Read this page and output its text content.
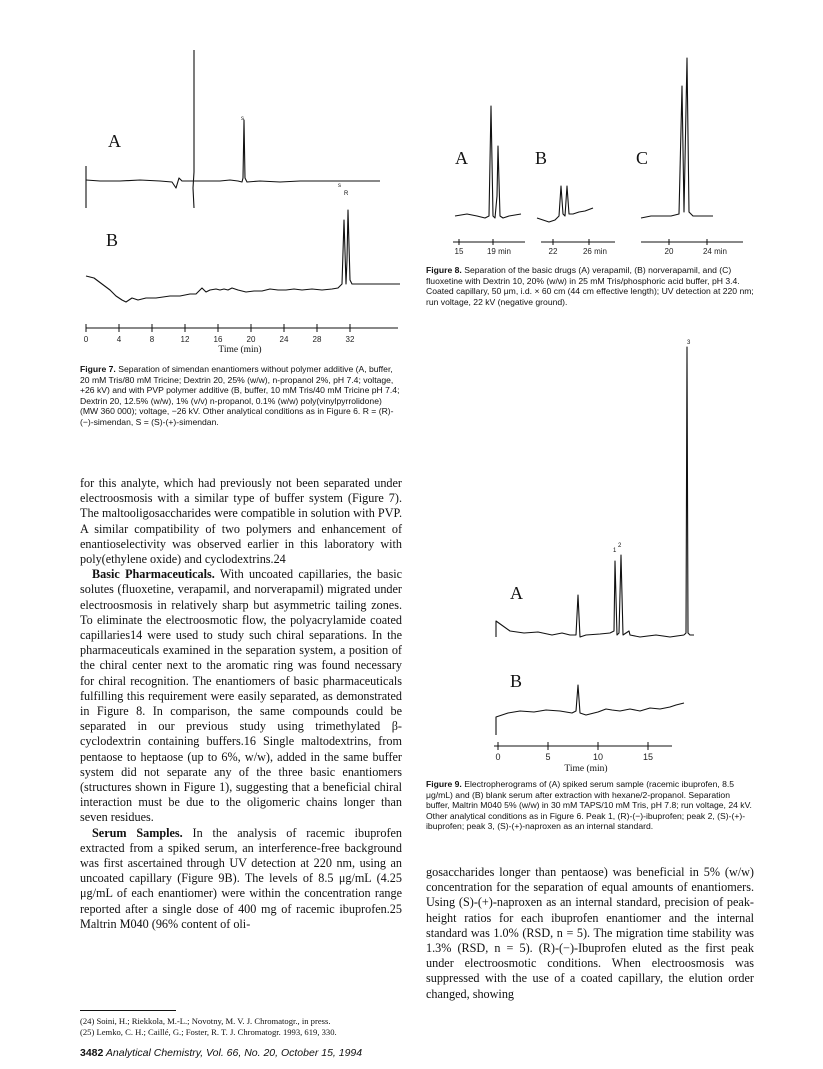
A
B
s
s
R
0	4	8	12	16	20	24	28	32
Time (min)
Figure 7. Separation of simendan enantiomers without polymer additive (A, buffer, 20 mM Tris/80 mM Tricine; Dextrin 20, 25% (w/w), n-propanol 2%, pH 7.4; voltage, +26 kV) and with PVP polymer additive (B, buffer, 10 mM Tris/40 mM Tricine pH 7.4; Dextrin 20, 12.5% (w/w), 1% (v/v) n-propanol, 0.1% (w/w) poly(vinylpyrrolidone) (MW 360 000); voltage, −26 kV. Other analytical conditions as in Figure 6. R = (R)-(−)-simendan, S = (S)-(+)-simendan.
A	B	C
15	19 min	22	26 min	20	24 min
Figure 8. Separation of the basic drugs (A) verapamil, (B) norverapamil, and (C) fluoxetine with Dextrin 10, 20% (w/w) in 25 mM Tris/phosphoric acid buffer, pH 3.4. Coated capillary, 50 μm, i.d. × 60 cm (44 cm effective length); UV detection at 220 nm; run voltage, 22 kV (negative ground).
3
1
2
A
B
0	5	10	15
Time (min)
Figure 9. Electropherograms of (A) spiked serum sample (racemic ibuprofen, 8.5 μg/mL) and (B) blank serum after extraction with hexane/2-propanol. Separation buffer, Maltrin M040 5% (w/w) in 30 mM TAPS/10 mM Tris, pH 7.8; run voltage, 24 kV. Other analytical conditions as in Figure 6. Peak 1, (R)-(−)-ibuprofen; peak 2, (S)-(+)-ibuprofen; peak 3, (S)-(+)-naproxen as an internal standard.

for this analyte, which had previously not been separated under electroosmosis with a similar type of buffer system (Figure 7). The maltooligosaccharides were compatible in solution with PVP. A similar compatibility of two polymers and enhancement of enantioselectivity was observed earlier in this laboratory with poly(ethylene oxide) and cyclodextrins.24

Basic Pharmaceuticals. With uncoated capillaries, the basic solutes (fluoxetine, verapamil, and norverapamil) migrated under electroosmosis in relatively sharp but asymmetric tailing zones. To eliminate the electroosmotic flow, the polyacrylamide coated capillaries14 were used to study such chiral separations. In the pharmaceuticals examined in the separation system, a position of the chiral center next to the aromatic ring was found necessary for chiral recognition. The enantiomers of basic pharmaceuticals fulfilling this requirement were easily separated, as demonstrated in Figure 8. In comparison, the same compounds could be separated in our previous study using trimethylated β-cyclodextrin containing buffers.16 Single maltodextrins, from pentaose to heptaose (up to 6%, w/w), added in the same buffer system did not separate any of the three basic enantiomers (structures shown in Figure 1), suggesting that a beneficial chiral interaction must be due to the oligomeric chains longer than seven residues.

Serum Samples. In the analysis of racemic ibuprofen extracted from a spiked serum, an interference-free background was first ascertained through UV detection at 220 nm, using an uncoated capillary (Figure 9B). The levels of 8.5 μg/mL (4.25 μg/mL of each enantiomer) were within the concentration range reported after a single dose of 400 mg of racemic ibuprofen.25 Maltrin M040 (96% content of oli-

(24) Soini, H.; Riekkola, M.-L.; Novotny, M. V. J. Chromatogr., in press.
(25) Lemko, C. H.; Caillé, G.; Foster, R. T. J. Chromatogr. 1993, 619, 330.

gosaccharides longer than pentaose) was beneficial in 5% (w/w) concentration for the separation of equal amounts of enantiomers. Using (S)-(+)-naproxen as an internal standard, precision of peak-height ratios for each ibuprofen enantiomer and the internal standard was 1.0% (RSD, n = 5). The migration time stability was 1.3% (RSD, n = 5). (R)-(−)-Ibuprofen eluted as the first peak under electroosmotic conditions. When electroosmosis was suppressed with the use of a coated capillary, the elution order changed, showing

3482 Analytical Chemistry, Vol. 66, No. 20, October 15, 1994
